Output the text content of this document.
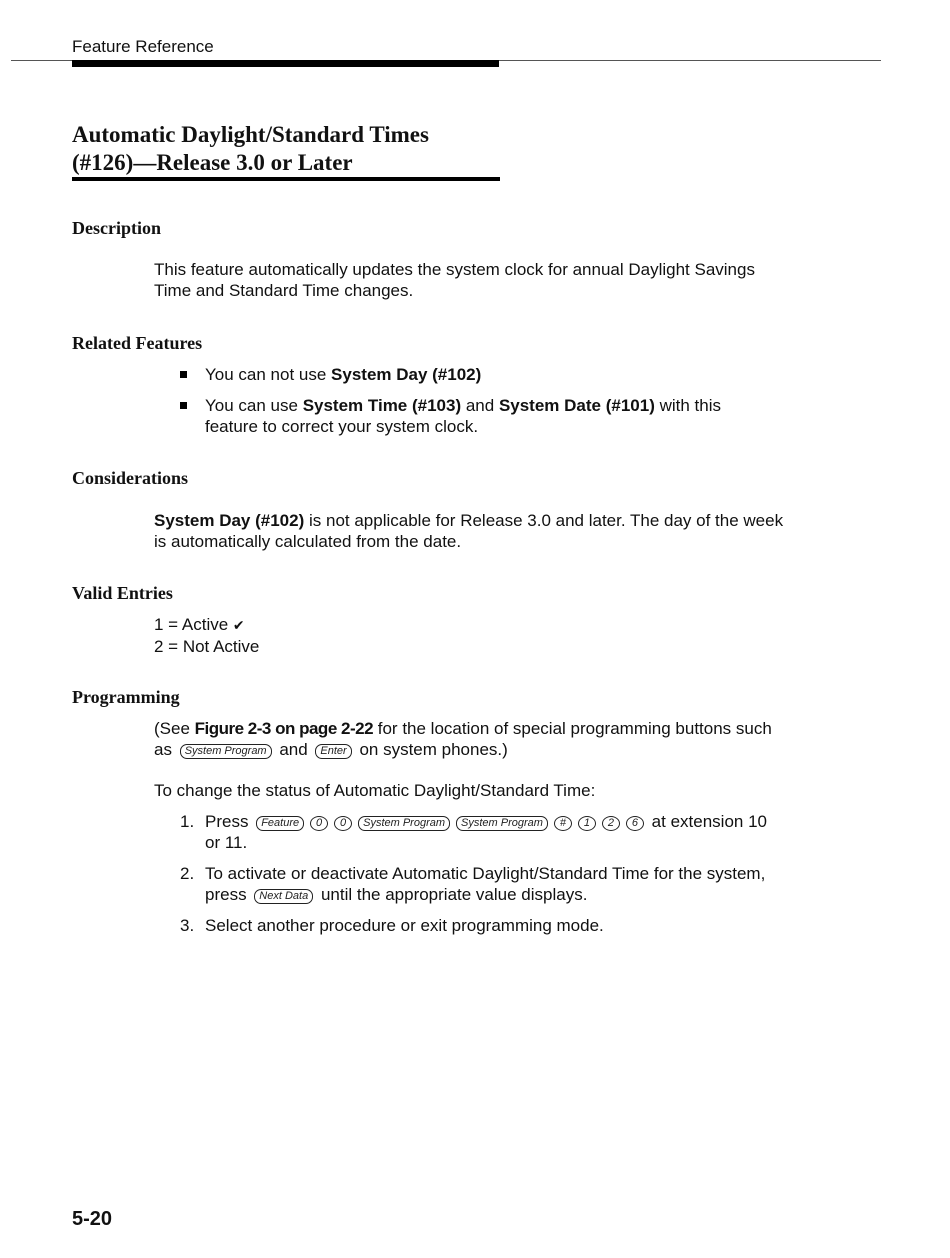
Feature Reference
Automatic Daylight/Standard Times
(#126)—Release 3.0 or Later
Description

This feature automatically updates the system clock for annual Daylight Savings Time and Standard Time changes.

Related Features
You can not use System Day (#102)
You can use System Time (#103) and System Date (#101) with this feature to correct your system clock.
Considerations

System Day (#102) is not applicable for Release 3.0 and later. The day of the week is automatically calculated from the date.

Valid Entries
1 = Active ✔
2 = Not Active
Programming

(See Figure 2-3 on page 2-22 for the location of special programming buttons such as System Program and Enter on system phones.)

To change the status of Automatic Daylight/Standard Time:

1. Press Feature 0 0 System Program System Program # 1 2 6 at extension 10 or 11.
2. To activate or deactivate Automatic Daylight/Standard Time for the system, press Next Data until the appropriate value displays.
3. Select another procedure or exit programming mode.
5-20
